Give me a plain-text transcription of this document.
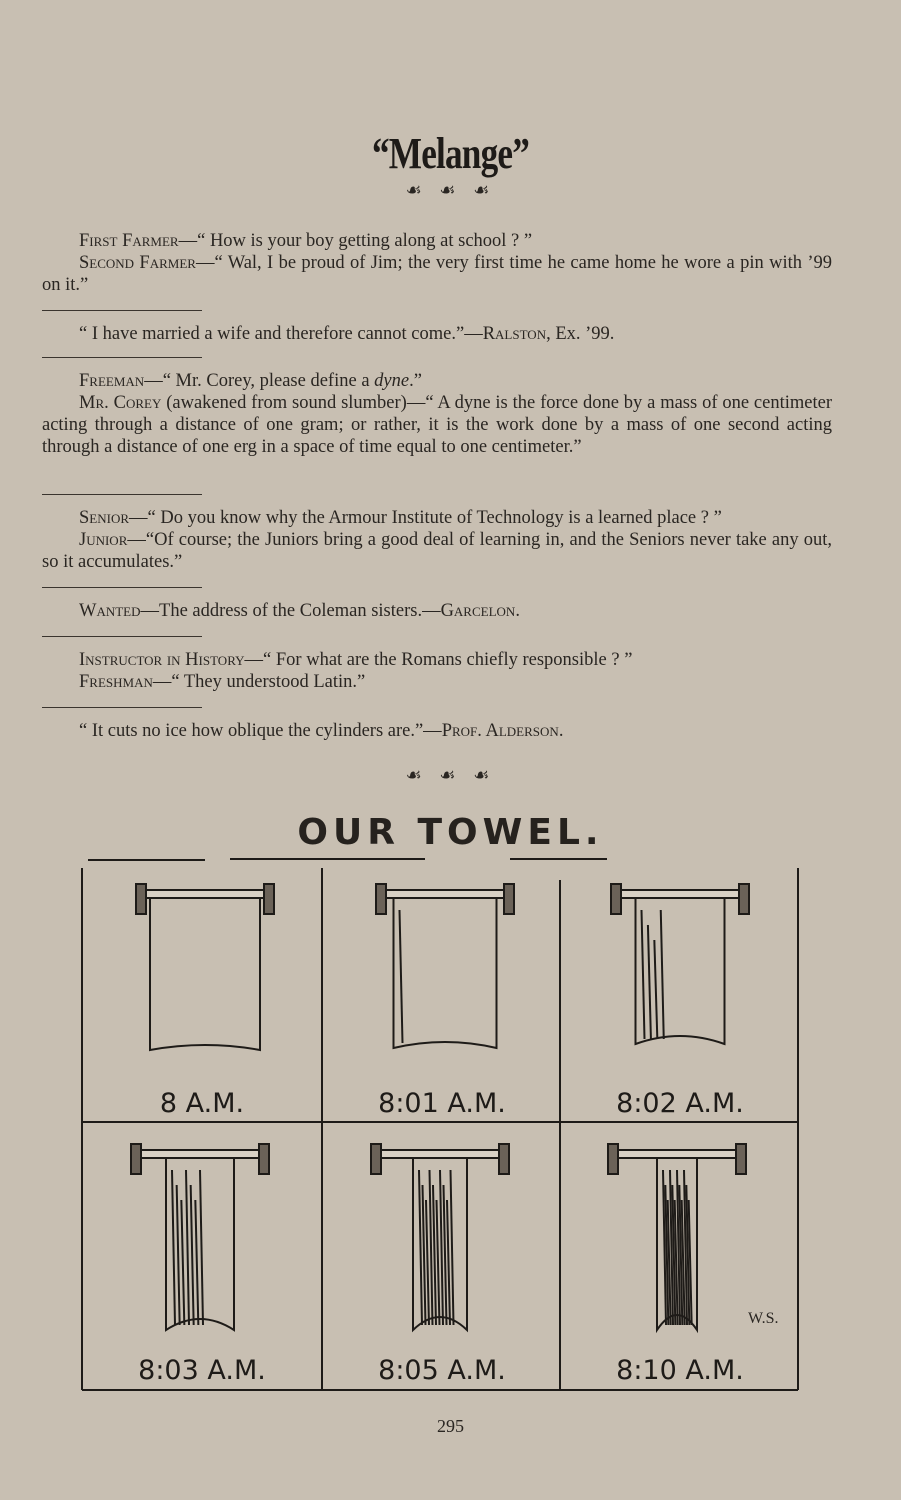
“Melange”
☙ ☙ ☙

First Farmer—“ How is your boy getting along at school ? ”

Second Farmer—“ Wal, I be proud of Jim; the very first time he came home he wore a pin with ’99 on it.”

“ I have married a wife and therefore cannot come.”—Ralston, Ex. ’99.

Freeman—“ Mr. Corey, please define a dyne.”

Mr. Corey (awakened from sound slumber)—“ A dyne is the force done by a mass of one centimeter acting through a distance of one gram; or rather, it is the work done by a mass of one second acting through a distance of one erg in a space of time equal to one centimeter.”

Senior—“ Do you know why the Armour Institute of Technology is a learned place ? ”

Junior—“Of course; the Juniors bring a good deal of learning in, and the Seniors never take any out, so it accumulates.”

Wanted—The address of the Coleman sisters.—Garcelon.

Instructor in History—“ For what are the Romans chiefly responsible ? ”

Freshman—“ They understood Latin.”

“ It cuts no ice how oblique the cylinders are.”—Prof. Alderson.

☙ ☙ ☙
OUR TOWEL.
8 A.M.	8:01 A.M.	8:02 A.M.
8:03 A.M.	8:05 A.M.	8:10 A.M.
W.S.
295
